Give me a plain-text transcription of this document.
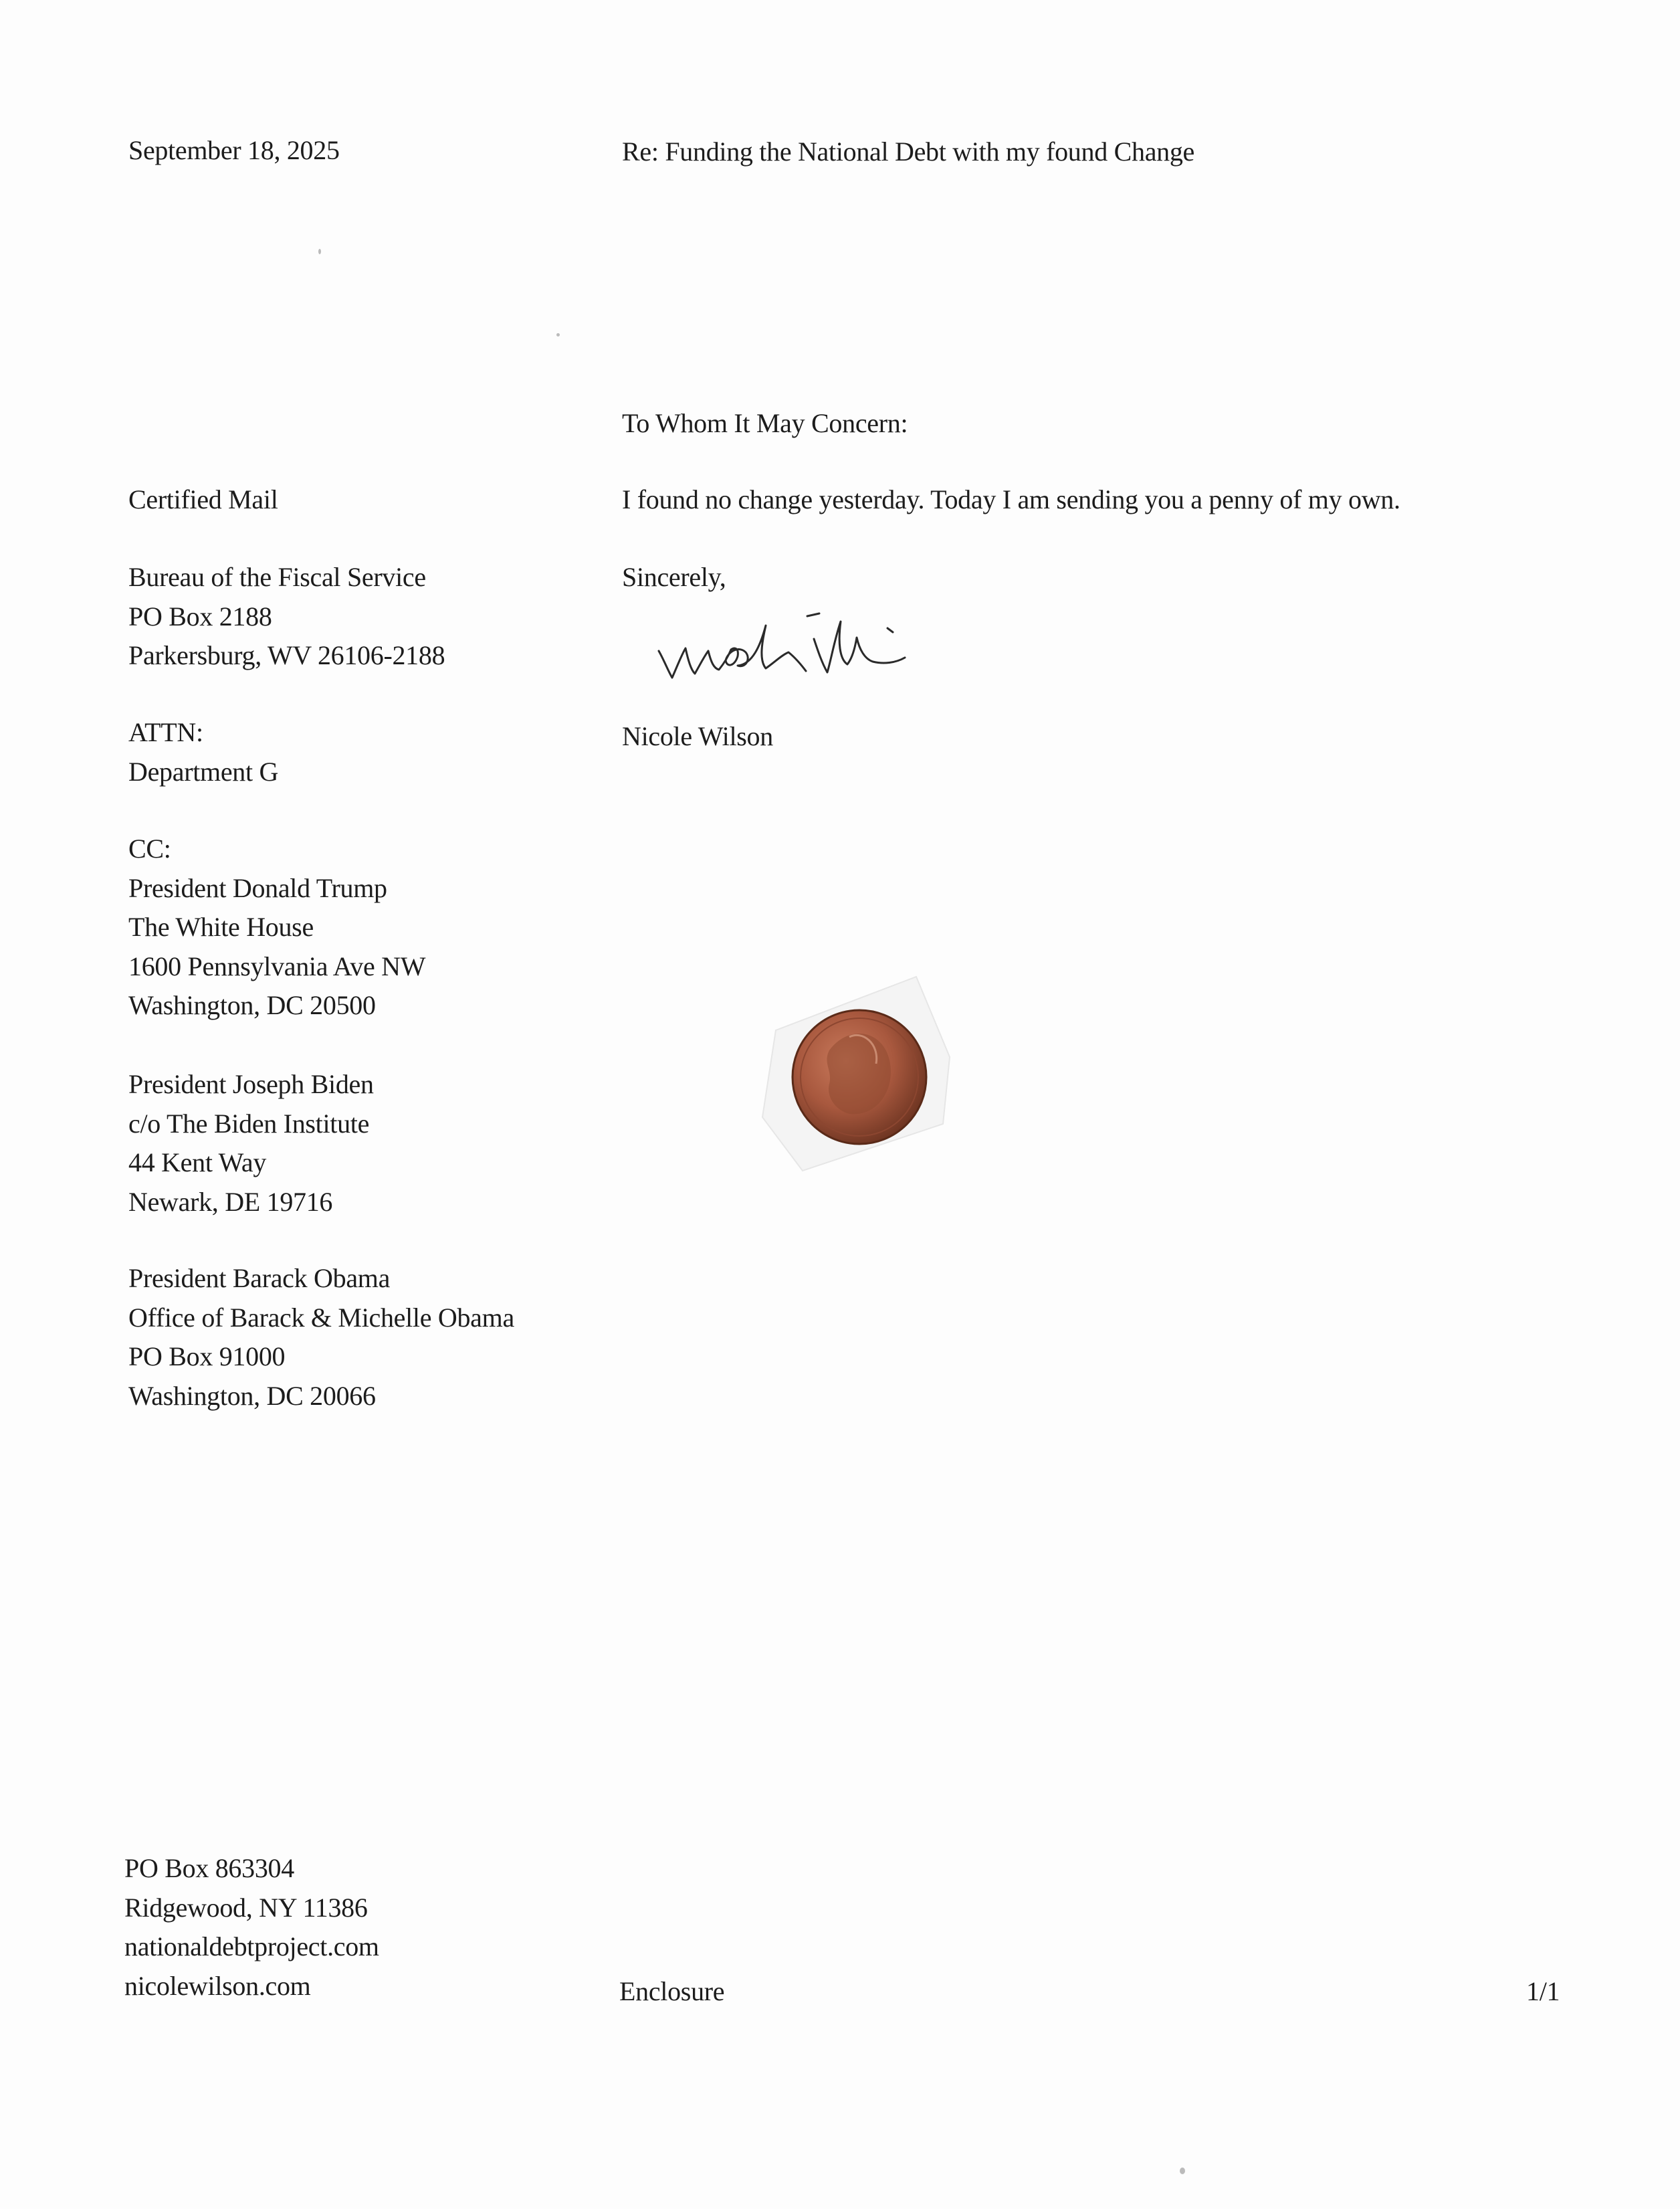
September 18, 2025	Re: Funding the National Debt with my found Change
To Whom It May Concern:
Certified Mail	I found no change yesterday. Today I am sending you a penny of my own.
Sincerely,
Bureau of the Fiscal Service
PO Box 2188
Parkersburg, WV 26106-2188
ATTN:
Department G
Nicole Wilson
CC:
President Donald Trump
The White House
1600 Pennsylvania Ave NW
Washington, DC 20500
President Joseph Biden
c/o The Biden Institute
44 Kent Way
Newark, DE 19716
President Barack Obama
Office of Barack & Michelle Obama
PO Box 91000
Washington, DC 20066
PO Box 863304
Ridgewood, NY 11386
nationaldebtproject.com
nicolewilson.com	Enclosure	1/1
